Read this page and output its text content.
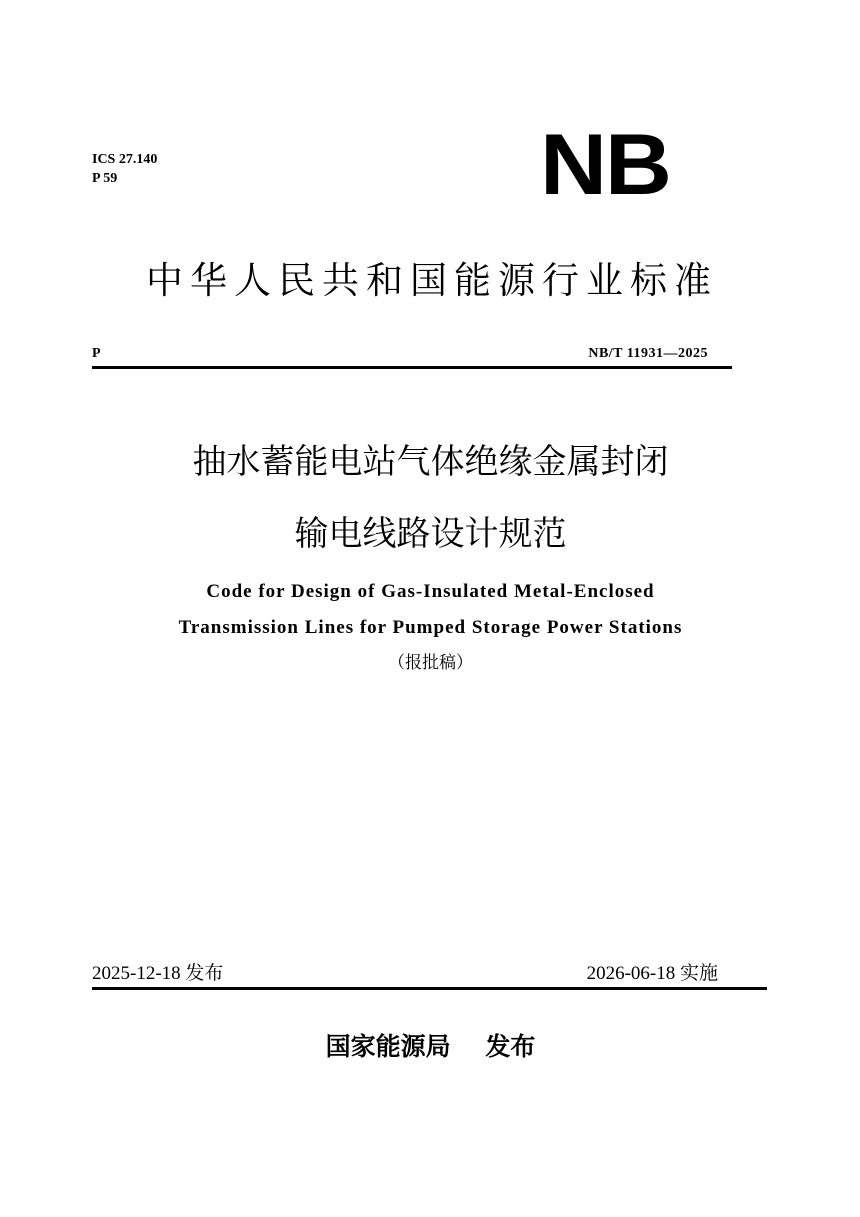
ICS 27.140
P 59	NB
中华人民共和国能源行业标准
P	NB/T 11931—2025
抽水蓄能电站气体绝缘金属封闭
输电线路设计规范
Code for Design of Gas-Insulated Metal-Enclosed
Transmission Lines for Pumped Storage Power Stations
（报批稿）
2025-12-18 发布	2026-06-18 实施
国家能源局    发布
